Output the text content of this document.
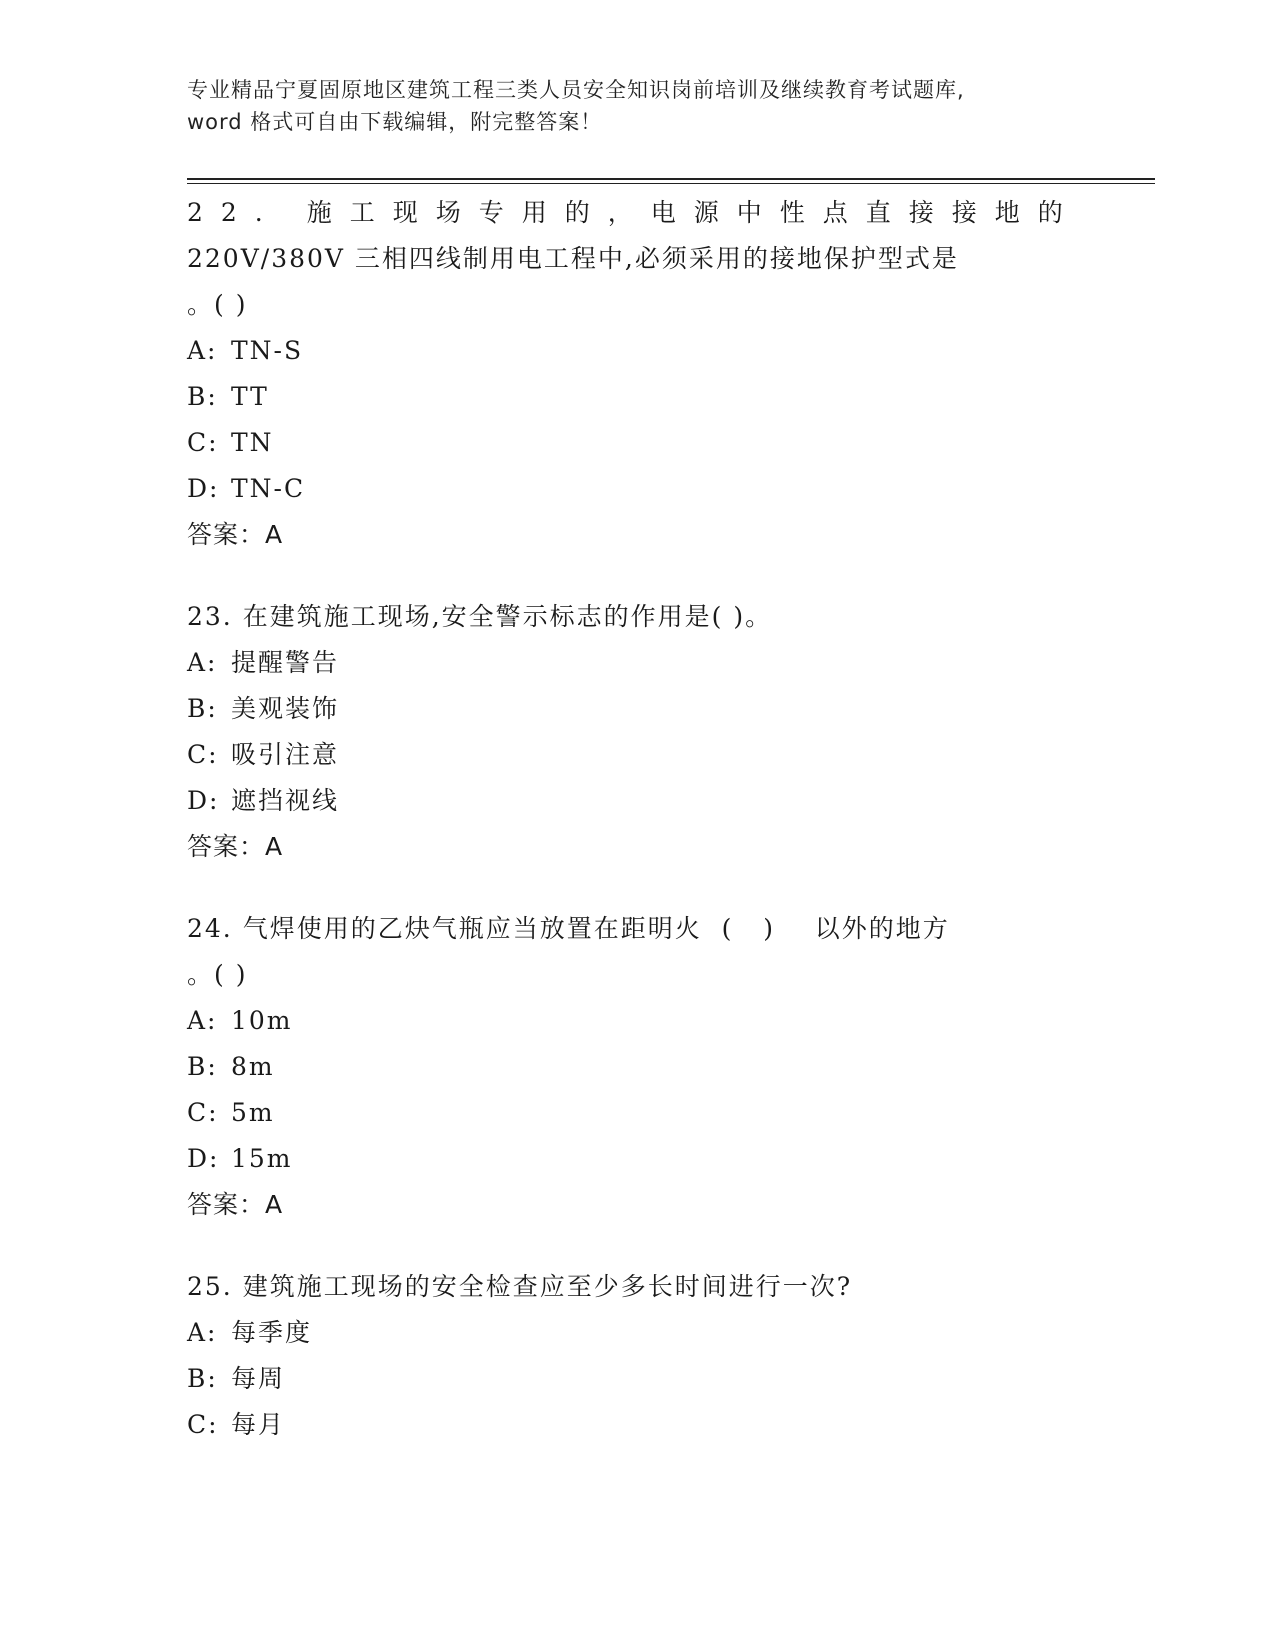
专业精品宁夏固原地区建筑工程三类人员安全知识岗前培训及继续教育考试题库,
word 格式可自由下载编辑，附完整答案！
22. 施工现场专用的，电源中性点直接接地的
220V/380V 三相四线制用电工程中,必须采用的接地保护型式是
。( )
A: TN-S
B: TT
C: TN
D: TN-C
答案：A
23. 在建筑施工现场,安全警示标志的作用是( )。
A: 提醒警告
B: 美观装饰
C: 吸引注意
D: 遮挡视线
答案：A
24. 气焊使用的乙炔气瓶应当放置在距明火  (   )    以外的地方
。( )
A: 10m
B: 8m
C: 5m
D: 15m
答案：A
25. 建筑施工现场的安全检查应至少多长时间进行一次?
A: 每季度
B: 每周
C: 每月
